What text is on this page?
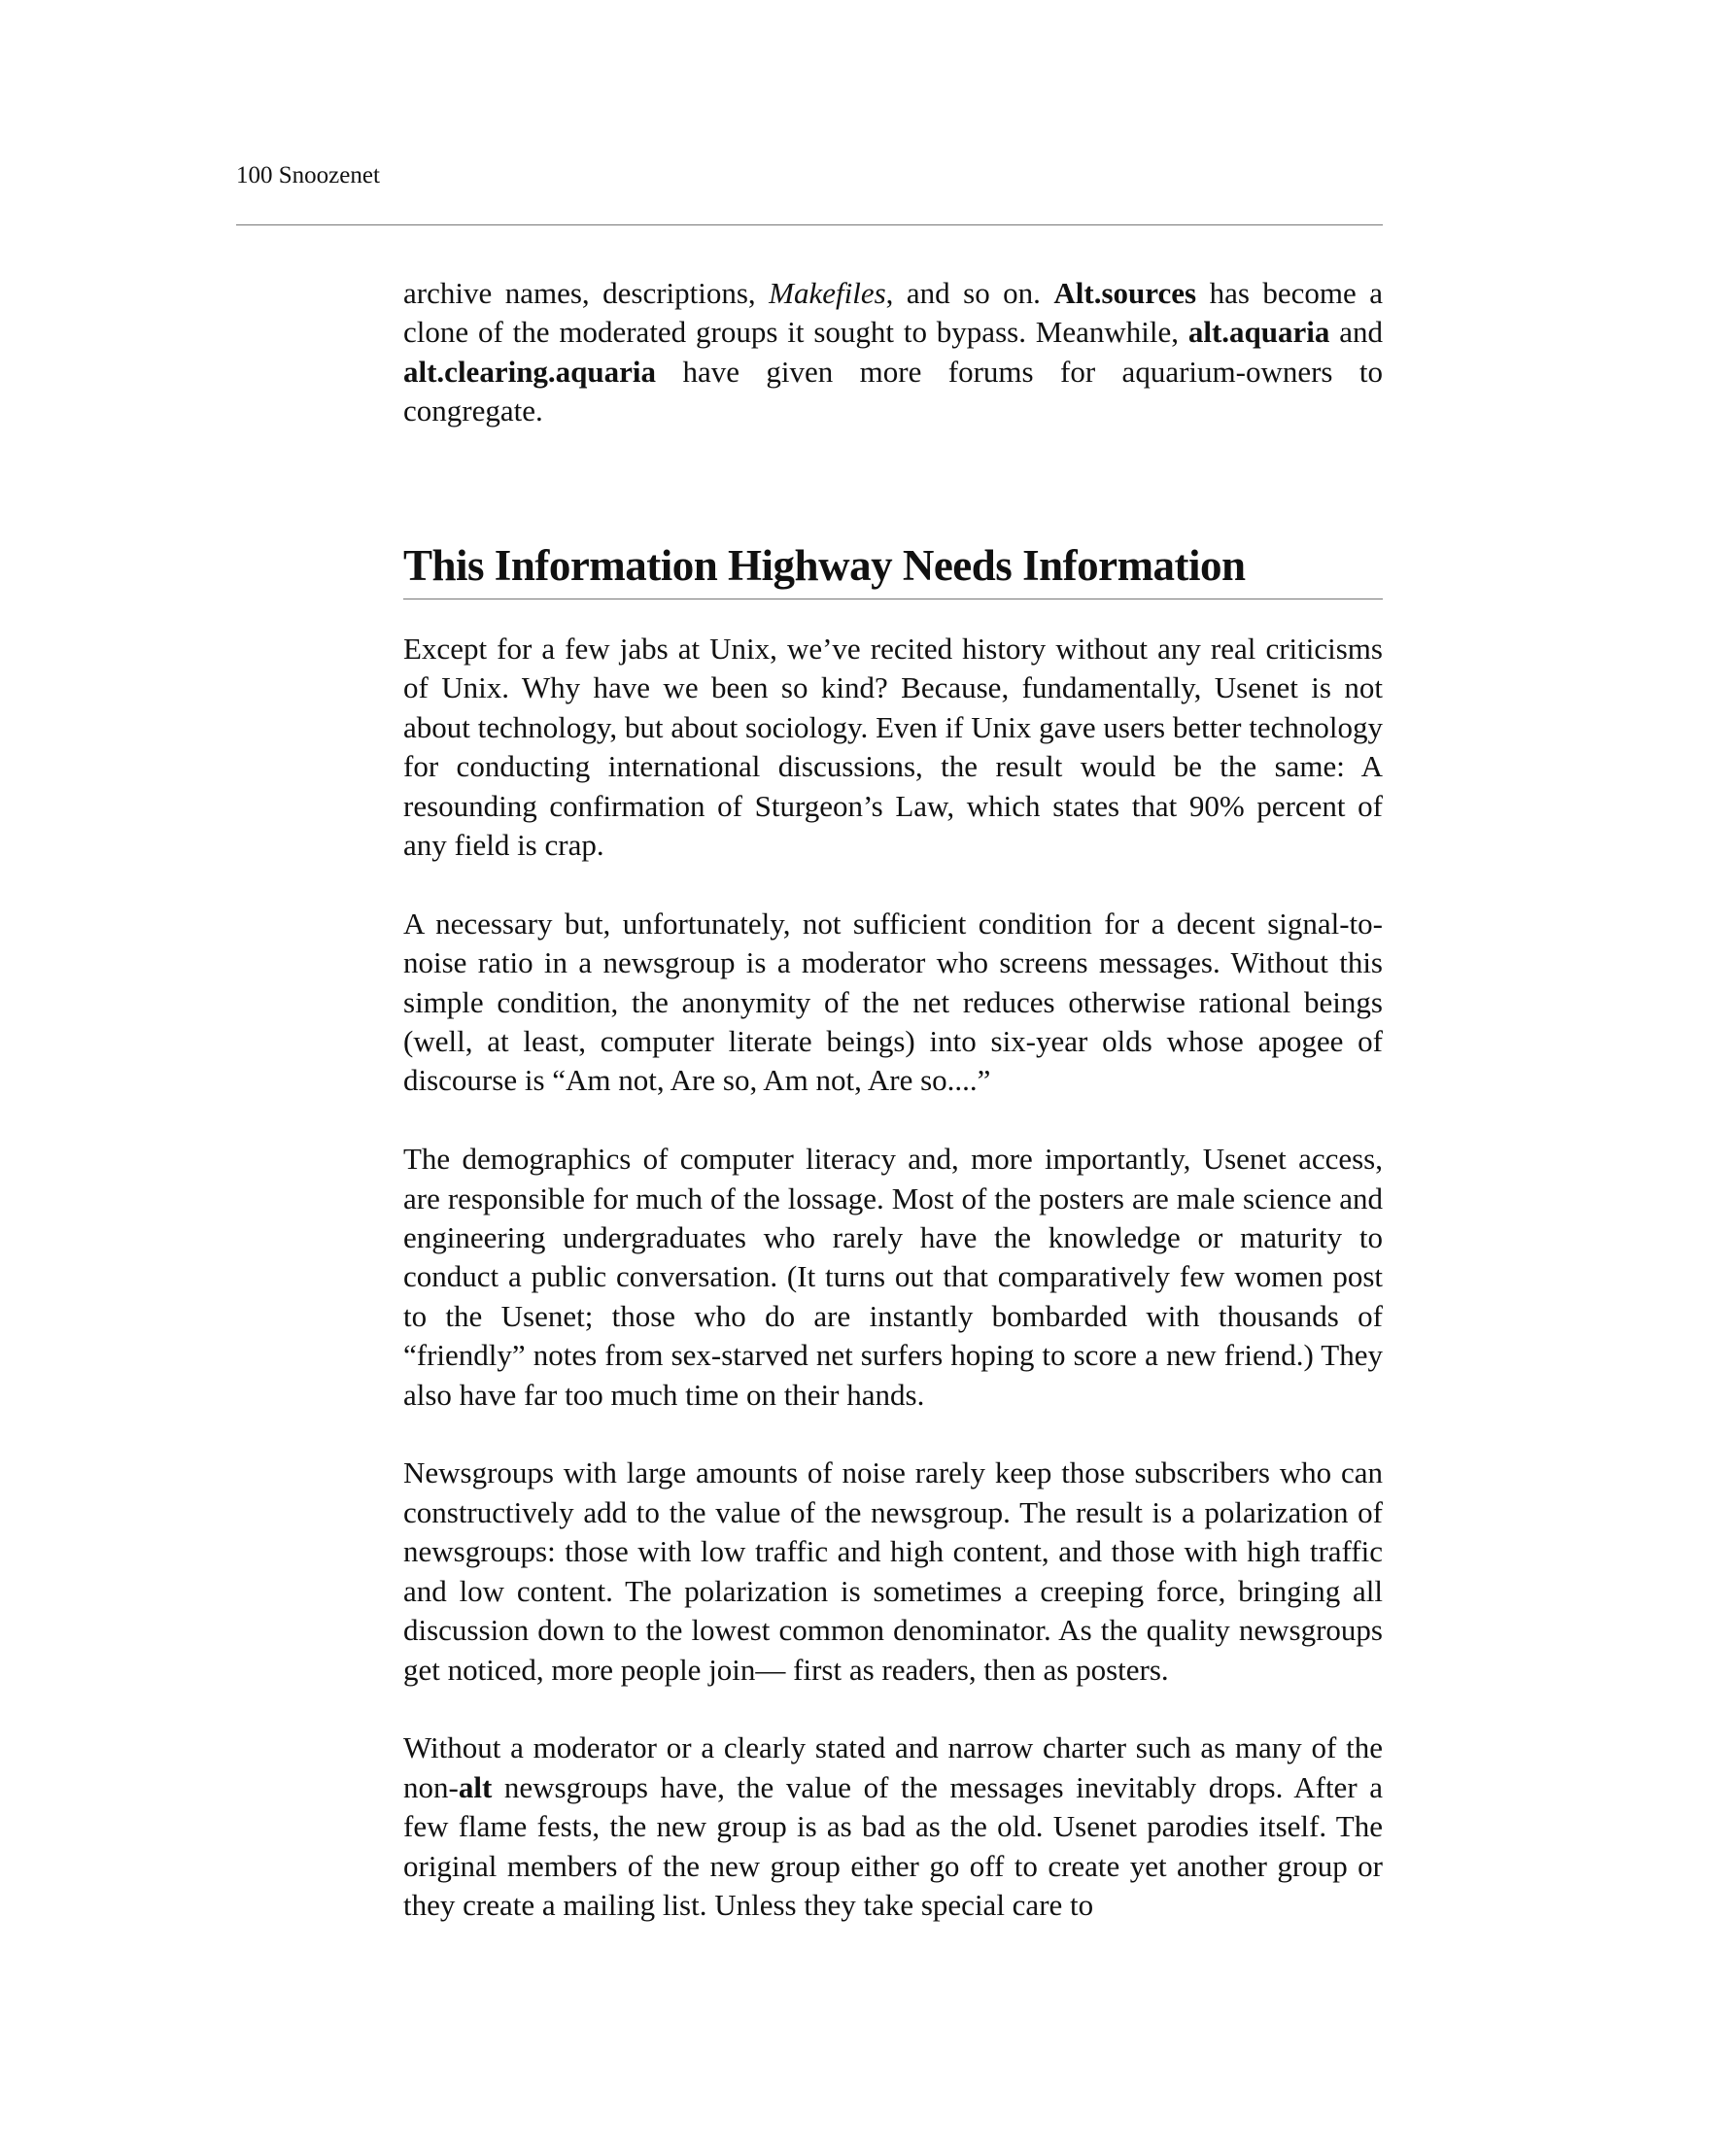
100 Snoozenet

archive names, descriptions, Makefiles, and so on. Alt.sources has become a clone of the moderated groups it sought to bypass. Meanwhile, alt.aquaria and alt.clearing.aquaria have given more forums for aquarium-owners to congregate.

This Information Highway Needs Information

Except for a few jabs at Unix, we’ve recited history without any real criticisms of Unix. Why have we been so kind? Because, fundamentally, Usenet is not about technology, but about sociology. Even if Unix gave users better technology for conducting international discussions, the result would be the same: A resounding confirmation of Sturgeon’s Law, which states that 90% percent of any field is crap.

A necessary but, unfortunately, not sufficient condition for a decent signal-to-noise ratio in a newsgroup is a moderator who screens messages. Without this simple condition, the anonymity of the net reduces otherwise rational beings (well, at least, computer literate beings) into six-year olds whose apogee of discourse is “Am not, Are so, Am not, Are so....”

The demographics of computer literacy and, more importantly, Usenet access, are responsible for much of the lossage. Most of the posters are male science and engineering undergraduates who rarely have the knowledge or maturity to conduct a public conversation. (It turns out that comparatively few women post to the Usenet; those who do are instantly bombarded with thousands of “friendly” notes from sex-starved net surfers hoping to score a new friend.) They also have far too much time on their hands.

Newsgroups with large amounts of noise rarely keep those subscribers who can constructively add to the value of the newsgroup. The result is a polarization of newsgroups: those with low traffic and high content, and those with high traffic and low content. The polarization is sometimes a creeping force, bringing all discussion down to the lowest common denominator. As the quality newsgroups get noticed, more people join— first as readers, then as posters.

Without a moderator or a clearly stated and narrow charter such as many of the non-alt newsgroups have, the value of the messages inevitably drops. After a few flame fests, the new group is as bad as the old. Usenet parodies itself. The original members of the new group either go off to create yet another group or they create a mailing list. Unless they take special care to
